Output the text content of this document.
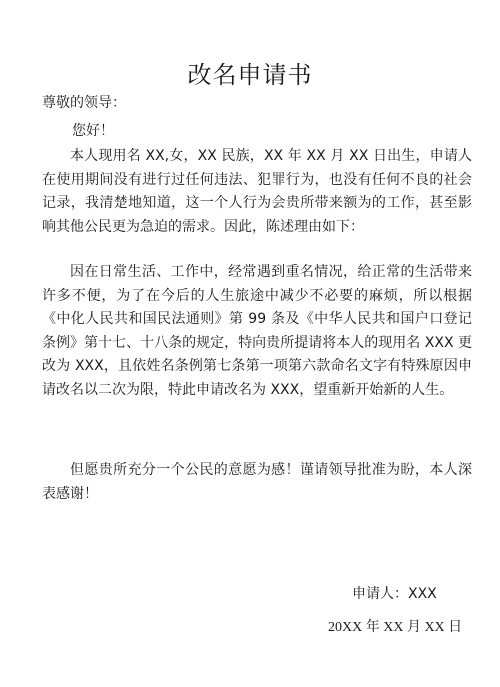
改名申请书
尊敬的领导：
您好！
本人现用名 XX,女，XX 民族，XX 年 XX 月 XX 日出生，申请人在使用期间没有进行过任何违法、犯罪行为，也没有任何不良的社会记录，我清楚地知道，这一个人行为会贵所带来额为的工作，甚至影响其他公民更为急迫的需求。因此，陈述理由如下：
因在日常生活、工作中，经常遇到重名情况，给正常的生活带来许多不便，为了在今后的人生旅途中减少不必要的麻烦，所以根据《中化人民共和国民法通则》第 99 条及《中华人民共和国户口登记条例》第十七、十八条的规定，特向贵所提请将本人的现用名 XXX 更改为 XXX，且依姓名条例第七条第一项第六款命名文字有特殊原因申请改名以二次为限，特此申请改名为 XXX，望重新开始新的人生。
但愿贵所充分一个公民的意愿为感！谨请领导批准为盼，本人深表感谢！
申请人：XXX
20XX 年 XX 月 XX 日
